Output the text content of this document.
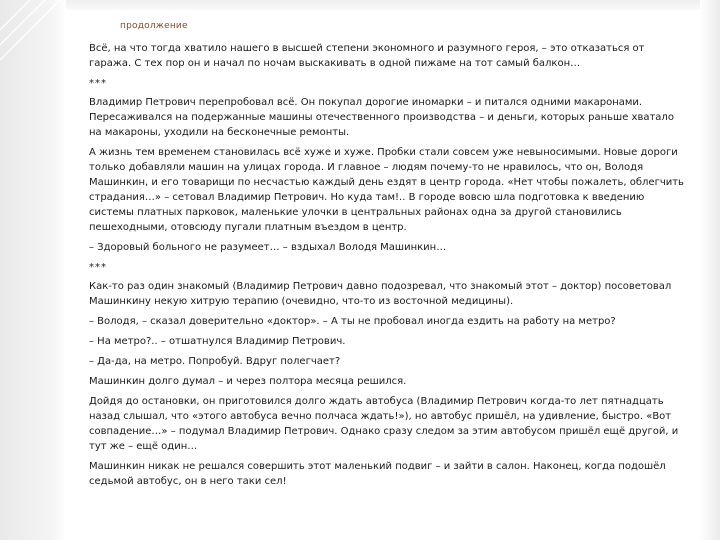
продолжение

Всё, на что тогда хватило нашего в высшей степени экономного и разумного героя, – это отказаться от гаража. С тех пор он и начал по ночам выскакивать в одной пижаме на тот самый балкон…

***

Владимир Петрович перепробовал всё. Он покупал дорогие иномарки – и питался одними макаронами. Пересаживался на подержанные машины отечественного производства – и деньги, которых раньше хватало на макароны, уходили на бесконечные ремонты.

А жизнь тем временем становилась всё хуже и хуже. Пробки стали совсем уже невыносимыми. Новые дороги только добавляли машин на улицах города. И главное – людям почему-то не нравилось, что он, Володя Машинкин, и его товарищи по несчастью каждый день ездят в центр города. «Нет чтобы пожалеть, облегчить страдания…» – сетовал Владимир Петрович. Но куда там!.. В городе вовсю шла подготовка к введению системы платных парковок, маленькие улочки в центральных районах одна за другой становились пешеходными, отовсюду пугали платным въездом в центр.

– Здоровый больного не разумеет… – вздыхал Володя Машинкин…

***

Как-то раз один знакомый (Владимир Петрович давно подозревал, что знакомый этот – доктор) посоветовал Машинкину некую хитрую терапию (очевидно, что-то из восточной медицины).

– Володя, – сказал доверительно «доктор». – А ты не пробовал иногда ездить на работу на метро?

– На метро?.. – отшатнулся Владимир Петрович.

– Да-да, на метро. Попробуй. Вдруг полегчает?

Машинкин долго думал – и через полтора месяца решился.

Дойдя до остановки, он приготовился долго ждать автобуса (Владимир Петрович когда-то лет пятнадцать назад слышал, что «этого автобуса вечно полчаса ждать!»), но автобус пришёл, на удивление, быстро. «Вот совпадение…» – подумал Владимир Петрович. Однако сразу следом за этим автобусом пришёл ещё другой, и тут же – ещё один…

Машинкин никак не решался совершить этот маленький подвиг – и зайти в салон. Наконец, когда подошёл седьмой автобус, он в него таки сел!
